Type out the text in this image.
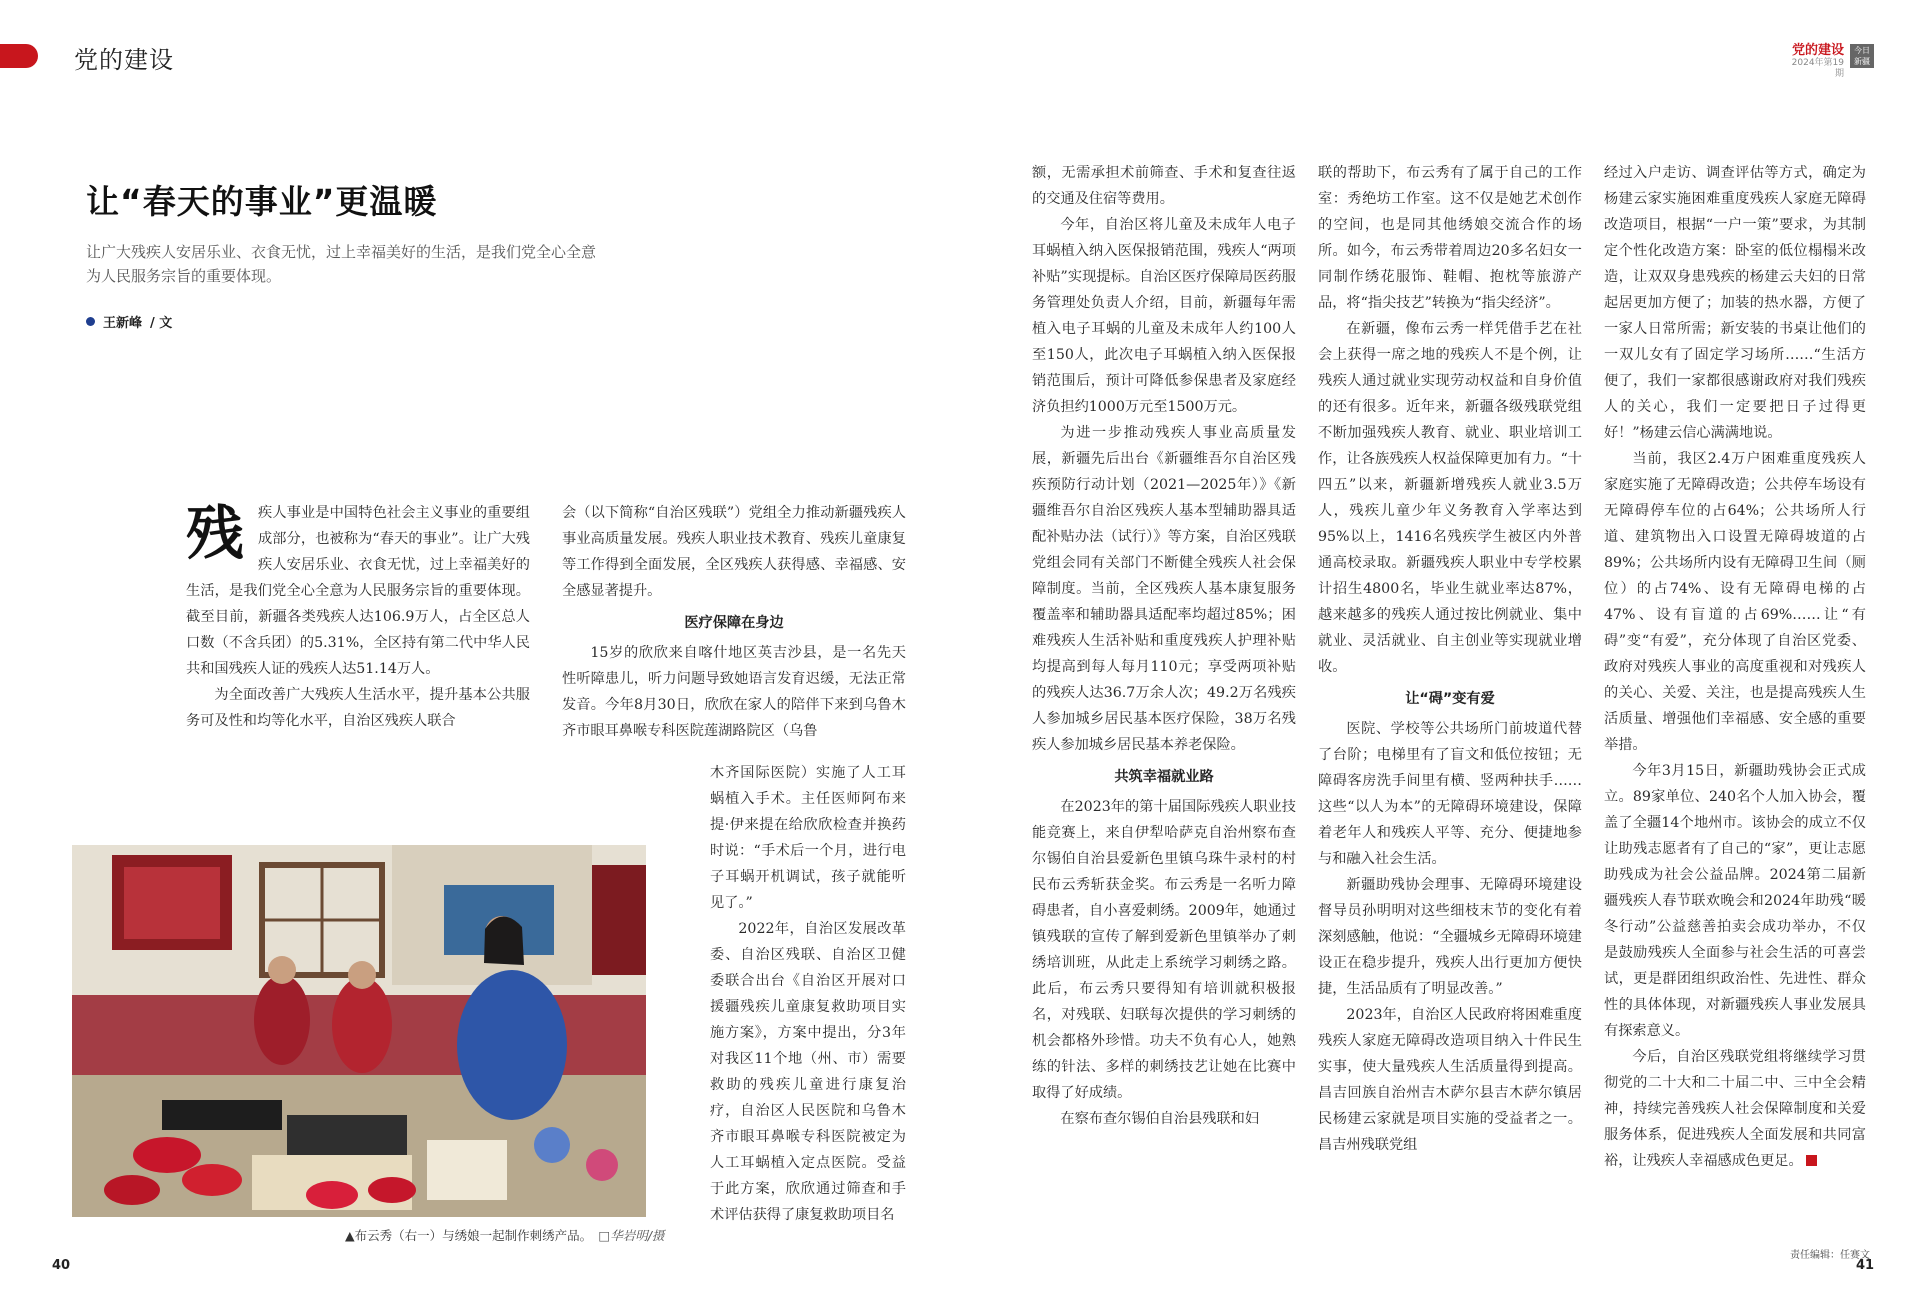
党的建设	党的建设
2024年第19期
今日
新疆
让“春天的事业”更温暖
让广大残疾人安居乐业、衣食无忧，过上幸福美好的生活，是我们党全心全意为人民服务宗旨的重要体现。
王新峰 / 文
残 疾人事业是中国特色社会主义事业的重要组成部分，也被称为“春天的事业”。让广大残疾人安居乐业、衣食无忧，过上幸福美好的生活，是我们党全心全意为人民服务宗旨的重要体现。截至目前，新疆各类残疾人达106.9万人，占全区总人口数（不含兵团）的5.31%，全区持有第二代中华人民共和国残疾人证的残疾人达51.14万人。

为全面改善广大残疾人生活水平，提升基本公共服务可及性和均等化水平，自治区残疾人联合

会（以下简称“自治区残联”）党组全力推动新疆残疾人事业高质量发展。残疾人职业技术教育、残疾儿童康复等工作得到全面发展，全区残疾人获得感、幸福感、安全感显著提升。

医疗保障在身边

15岁的欣欣来自喀什地区英吉沙县，是一名先天性听障患儿，听力问题导致她语言发育迟缓，无法正常发音。今年8月30日，欣欣在家人的陪伴下来到乌鲁木齐市眼耳鼻喉专科医院莲湖路院区（乌鲁

木齐国际医院）实施了人工耳蜗植入手术。主任医师阿布来提·伊来提在给欣欣检查并换药时说：“手术后一个月，进行电子耳蜗开机调试，孩子就能听见了。”

2022年，自治区发展改革委、自治区残联、自治区卫健委联合出台《自治区开展对口援疆残疾儿童康复救助项目实施方案》，方案中提出，分3年对我区11个地（州、市）需要救助的残疾儿童进行康复治疗，自治区人民医院和乌鲁木齐市眼耳鼻喉专科医院被定为人工耳蜗植入定点医院。受益于此方案，欣欣通过筛查和手术评估获得了康复救助项目名

▲布云秀（右一）与绣娘一起制作刺绣产品。  □华岩明/摄

额，无需承担术前筛查、手术和复查往返的交通及住宿等费用。

今年，自治区将儿童及未成年人电子耳蜗植入纳入医保报销范围，残疾人“两项补贴”实现提标。自治区医疗保障局医药服务管理处负责人介绍，目前，新疆每年需植入电子耳蜗的儿童及未成年人约100人至150人，此次电子耳蜗植入纳入医保报销范围后，预计可降低参保患者及家庭经济负担约1000万元至1500万元。

为进一步推动残疾人事业高质量发展，新疆先后出台《新疆维吾尔自治区残疾预防行动计划（2021—2025年）》《新疆维吾尔自治区残疾人基本型辅助器具适配补贴办法（试行）》等方案，自治区残联党组会同有关部门不断健全残疾人社会保障制度。当前，全区残疾人基本康复服务覆盖率和辅助器具适配率均超过85%；困难残疾人生活补贴和重度残疾人护理补贴均提高到每人每月110元；享受两项补贴的残疾人达36.7万余人次；49.2万名残疾人参加城乡居民基本医疗保险，38万名残疾人参加城乡居民基本养老保险。

共筑幸福就业路

在2023年的第十届国际残疾人职业技能竞赛上，来自伊犁哈萨克自治州察布查尔锡伯自治县爱新色里镇乌珠牛录村的村民布云秀斩获金奖。布云秀是一名听力障碍患者，自小喜爱刺绣。2009年，她通过镇残联的宣传了解到爱新色里镇举办了刺绣培训班，从此走上系统学习刺绣之路。此后，布云秀只要得知有培训就积极报名，对残联、妇联每次提供的学习刺绣的机会都格外珍惜。功夫不负有心人，她熟练的针法、多样的刺绣技艺让她在比赛中取得了好成绩。

在察布查尔锡伯自治县残联和妇

联的帮助下，布云秀有了属于自己的工作室：秀绝坊工作室。这不仅是她艺术创作的空间，也是同其他绣娘交流合作的场所。如今，布云秀带着周边20多名妇女一同制作绣花服饰、鞋帽、抱枕等旅游产品，将“指尖技艺”转换为“指尖经济”。

在新疆，像布云秀一样凭借手艺在社会上获得一席之地的残疾人不是个例，让残疾人通过就业实现劳动权益和自身价值的还有很多。近年来，新疆各级残联党组不断加强残疾人教育、就业、职业培训工作，让各族残疾人权益保障更加有力。“十四五”以来，新疆新增残疾人就业3.5万人，残疾儿童少年义务教育入学率达到95%以上，1416名残疾学生被区内外普通高校录取。新疆残疾人职业中专学校累计招生4800名，毕业生就业率达87%，越来越多的残疾人通过按比例就业、集中就业、灵活就业、自主创业等实现就业增收。

让“碍”变有爱

医院、学校等公共场所门前坡道代替了台阶；电梯里有了盲文和低位按钮；无障碍客房洗手间里有横、竖两种扶手……这些“以人为本”的无障碍环境建设，保障着老年人和残疾人平等、充分、便捷地参与和融入社会生活。

新疆助残协会理事、无障碍环境建设督导员孙明明对这些细枝末节的变化有着深刻感触，他说：“全疆城乡无障碍环境建设正在稳步提升，残疾人出行更加方便快捷，生活品质有了明显改善。”

2023年，自治区人民政府将困难重度残疾人家庭无障碍改造项目纳入十件民生实事，使大量残疾人生活质量得到提高。昌吉回族自治州吉木萨尔县吉木萨尔镇居民杨建云家就是项目实施的受益者之一。昌吉州残联党组

经过入户走访、调查评估等方式，确定为杨建云家实施困难重度残疾人家庭无障碍改造项目，根据“一户一策”要求，为其制定个性化改造方案：卧室的低位榻榻米改造，让双双身患残疾的杨建云夫妇的日常起居更加方便了；加装的热水器，方便了一家人日常所需；新安装的书桌让他们的一双儿女有了固定学习场所……“生活方便了，我们一家都很感谢政府对我们残疾人的关心，我们一定要把日子过得更好！”杨建云信心满满地说。

当前，我区2.4万户困难重度残疾人家庭实施了无障碍改造；公共停车场设有无障碍停车位的占64%；公共场所人行道、建筑物出入口设置无障碍坡道的占89%；公共场所内设有无障碍卫生间（厕位）的占74%、设有无障碍电梯的占47%、设有盲道的占69%……让“有碍”变“有爱”，充分体现了自治区党委、政府对残疾人事业的高度重视和对残疾人的关心、关爱、关注，也是提高残疾人生活质量、增强他们幸福感、安全感的重要举措。

今年3月15日，新疆助残协会正式成立。89家单位、240名个人加入协会，覆盖了全疆14个地州市。该协会的成立不仅让助残志愿者有了自己的“家”，更让志愿助残成为社会公益品牌。2024第二届新疆残疾人春节联欢晚会和2024年助残“暖冬行动”公益慈善拍卖会成功举办，不仅是鼓励残疾人全面参与社会生活的可喜尝试，更是群团组织政治性、先进性、群众性的具体体现，对新疆残疾人事业发展具有探索意义。

今后，自治区残联党组将继续学习贯彻党的二十大和二十届二中、三中全会精神，持续完善残疾人社会保障制度和关爱服务体系，促进残疾人全面发展和共同富裕，让残疾人幸福感成色更足。

40
责任编辑：任赛文
41
